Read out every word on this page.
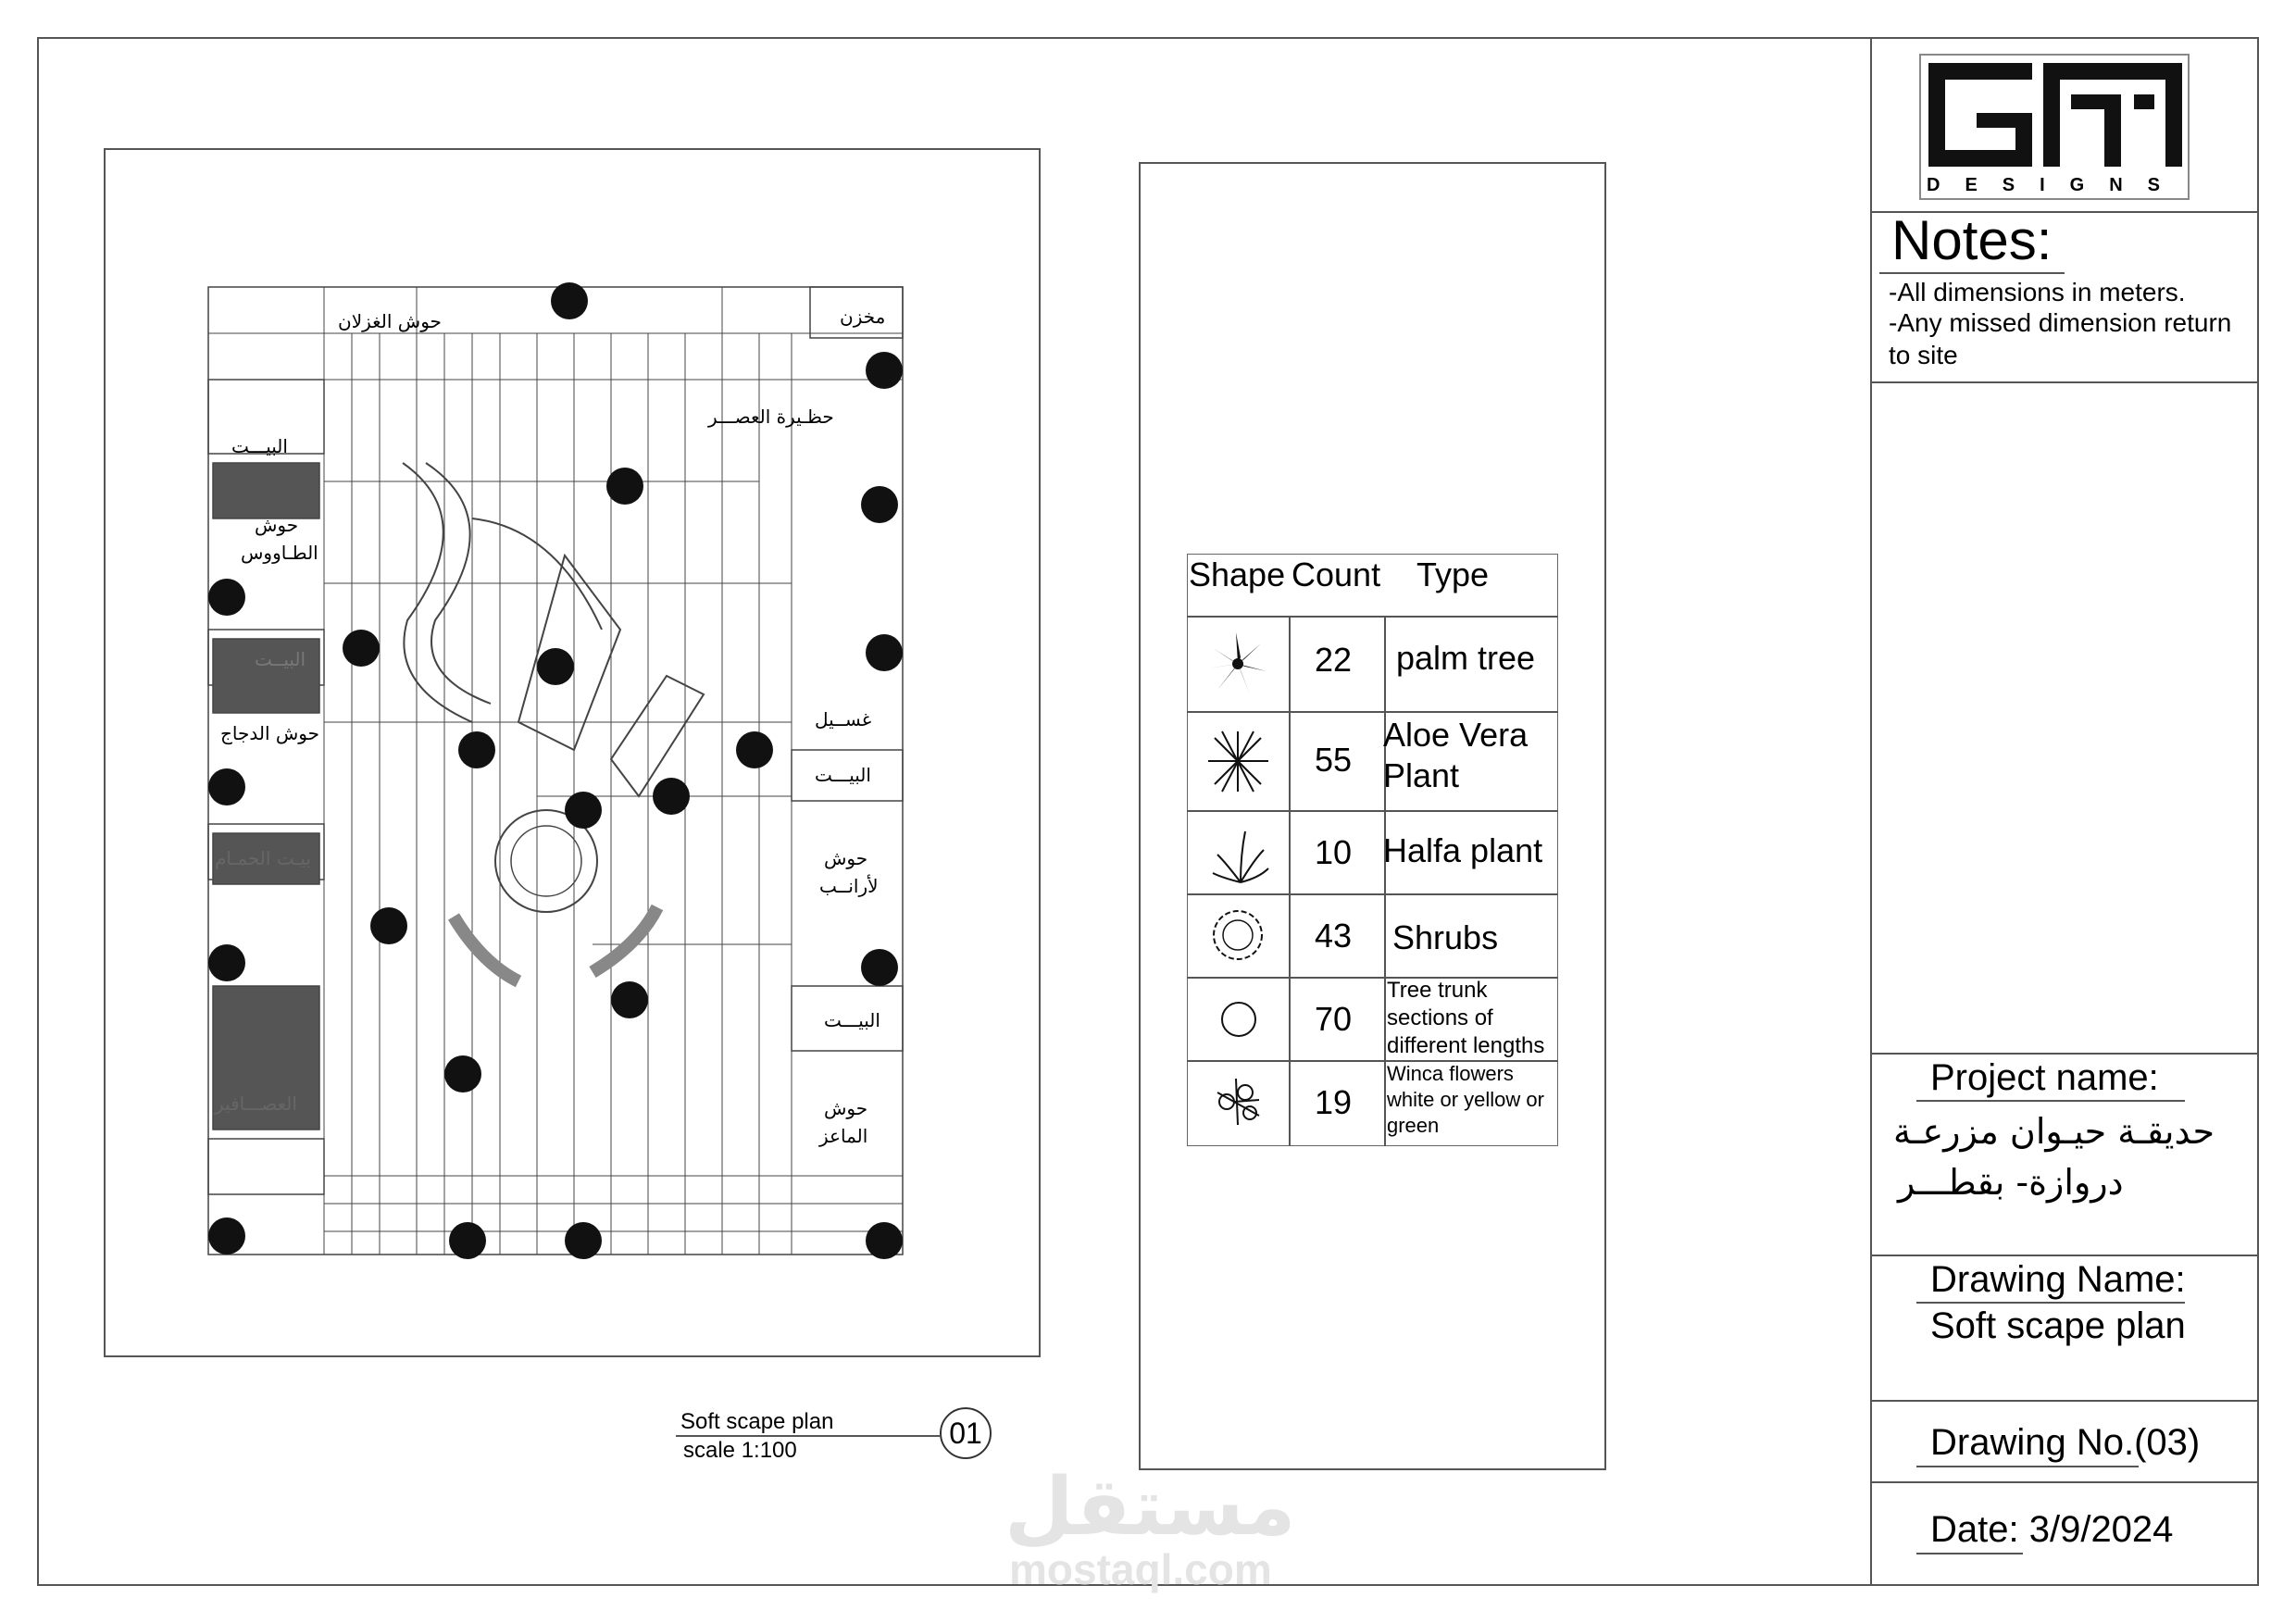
حوش الغزلان	مخزن
حظـيرة العصـــر
البيـــت
حوش
الطـاووس
البيــت
حوش الدجاج
بيـت الحمـام
العصـــافير
غســيل
البيـــت
حوش
لأرانــب
البيـــت
حوش
الماعز
Soft scape plan
scale 1:100
01
Shape Count Type
22 palm tree
55
Aloe Vera Plant
10 Halfa plant
43 Shrubs
70
Tree trunk sections of different lengths
19
Winca flowers white or yellow or green
DESIGNS
Notes:
-All dimensions in meters.
-Any missed dimension return
to site
Project name:
حديقـة حيـوان مزرعـة
دروازة- بقطـــر
Drawing Name:
Soft scape plan
Drawing No.(03)
Date: 3/9/2024
مستقل
mostaql.com
